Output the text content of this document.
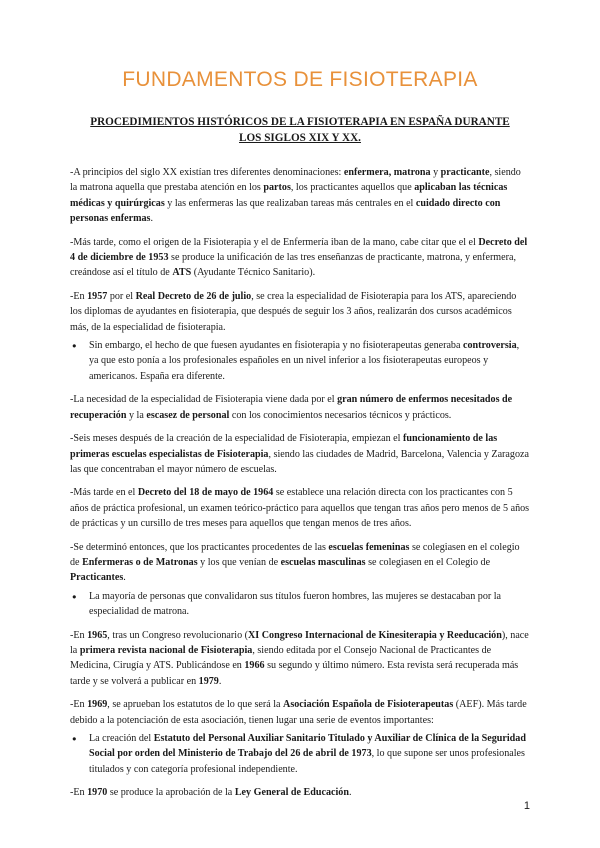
FUNDAMENTOS DE FISIOTERAPIA

PROCEDIMIENTOS HISTÓRICOS DE LA FISIOTERAPIA EN ESPAÑA DURANTE LOS SIGLOS XIX Y XX.

-A principios del siglo XX existían tres diferentes denominaciones: enfermera, matrona y practicante, siendo la matrona aquella que prestaba atención en los partos, los practicantes aquellos que aplicaban las técnicas médicas y quirúrgicas y las enfermeras las que realizaban tareas más centrales en el cuidado directo con personas enfermas.

-Más tarde, como el origen de la Fisioterapia y el de Enfermería iban de la mano, cabe citar que el el Decreto del 4 de diciembre de 1953 se produce la unificación de las tres enseñanzas de practicante, matrona, y enfermera, creándose así el título de ATS (Ayudante Técnico Sanitario).

-En 1957 por el Real Decreto de 26 de julio, se crea la especialidad de Fisioterapia para los ATS, apareciendo los diplomas de ayudantes en fisioterapia, que después de seguir los 3 años, realizarán dos cursos académicos más, de la especialidad de fisioterapia.

● Sin embargo, el hecho de que fuesen ayudantes en fisioterapia y no fisioterapeutas generaba controversia, ya que esto ponía a los profesionales españoles en un nivel inferior a los fisioterapeutas europeos y americanos. España era diferente.

-La necesidad de la especialidad de Fisioterapia viene dada por el gran número de enfermos necesitados de recuperación y la escasez de personal con los conocimientos necesarios técnicos y prácticos.

-Seis meses después de la creación de la especialidad de Fisioterapia, empiezan el funcionamiento de las primeras escuelas especialistas de Fisioterapia, siendo las ciudades de Madrid, Barcelona, Valencia y Zaragoza las que concentraban el mayor número de escuelas.

-Más tarde en el Decreto del 18 de mayo de 1964 se establece una relación directa con los practicantes con 5 años de práctica profesional, un examen teórico-práctico para aquellos que tengan tras años pero menos de 5 años de prácticas y un cursillo de tres meses para aquellos que tengan menos de tres años.

-Se determinó entonces, que los practicantes procedentes de las escuelas femeninas se colegiasen en el colegio de Enfermeras o de Matronas y los que venían de escuelas masculinas se colegiasen en el Colegio de Practicantes.

● La mayoría de personas que convalidaron sus títulos fueron hombres, las mujeres se destacaban por la especialidad de matrona.

-En 1965, tras un Congreso revolucionario (XI Congreso Internacional de Kinesiterapia y Reeducación), nace la primera revista nacional de Fisioterapia, siendo editada por el Consejo Nacional de Practicantes de Medicina, Cirugía y ATS. Publicándose en 1966 su segundo y último número. Esta revista será recuperada más tarde y se volverá a publicar en 1979.

-En 1969, se aprueban los estatutos de lo que será la Asociación Española de Fisioterapeutas (AEF). Más tarde debido a la potenciación de esta asociación, tienen lugar una serie de eventos importantes:

● La creación del Estatuto del Personal Auxiliar Sanitario Titulado y Auxiliar de Clínica de la Seguridad Social por orden del Ministerio de Trabajo del 26 de abril de 1973, lo que supone ser unos profesionales titulados y con categoría profesional independiente.

-En 1970 se produce la aprobación de la Ley General de Educación.

1
